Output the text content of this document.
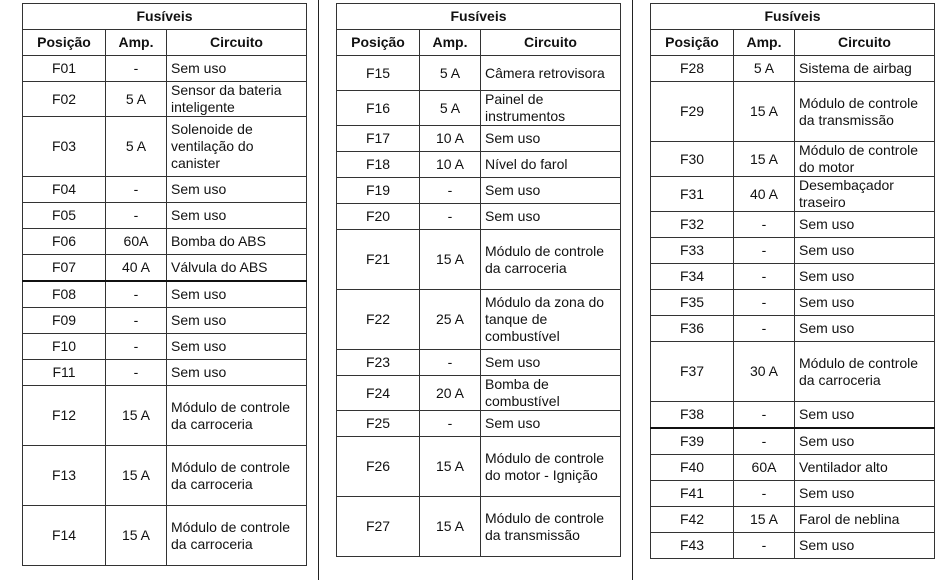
Fusíveis		
Posição	Amp.	Circuito
F01	-	Sem uso
F02	5 A	Sensor da bateria inteligente
F03	5 A	Solenoide de ventilação do canister
F04	-	Sem uso
F05	-	Sem uso
F06	60A	Bomba do ABS
F07	40 A	Válvula do ABS
F08	-	Sem uso
F09	-	Sem uso
F10	-	Sem uso
F11	-	Sem uso
F12	15 A	Módulo de controle da carroceria
F13	15 A	Módulo de controle da carroceria
F14	15 A	Módulo de controle da carroceria
Fusíveis		
Posição	Amp.	Circuito
F15	5 A	Câmera retrovisora
F16	5 A	Painel de instrumentos
F17	10 A	Sem uso
F18	10 A	Nível do farol
F19	-	Sem uso
F20	-	Sem uso
F21	15 A	Módulo de controle da carroceria
F22	25 A	Módulo da zona do tanque de combustível
F23	-	Sem uso
F24	20 A	Bomba de combustível
F25	-	Sem uso
F26	15 A	Módulo de controle do motor - Ignição
F27	15 A	Módulo de controle da transmissão
Fusíveis		
Posição	Amp.	Circuito
F28	5 A	Sistema de airbag
F29	15 A	Módulo de controle da transmissão
F30	15 A	Módulo de controle do motor
F31	40 A	Desembaçador traseiro
F32	-	Sem uso
F33	-	Sem uso
F34	-	Sem uso
F35	-	Sem uso
F36	-	Sem uso
F37	30 A	Módulo de controle da carroceria
F38	-	Sem uso
F39	-	Sem uso
F40	60A	Ventilador alto
F41	-	Sem uso
F42	15 A	Farol de neblina
F43	-	Sem uso
